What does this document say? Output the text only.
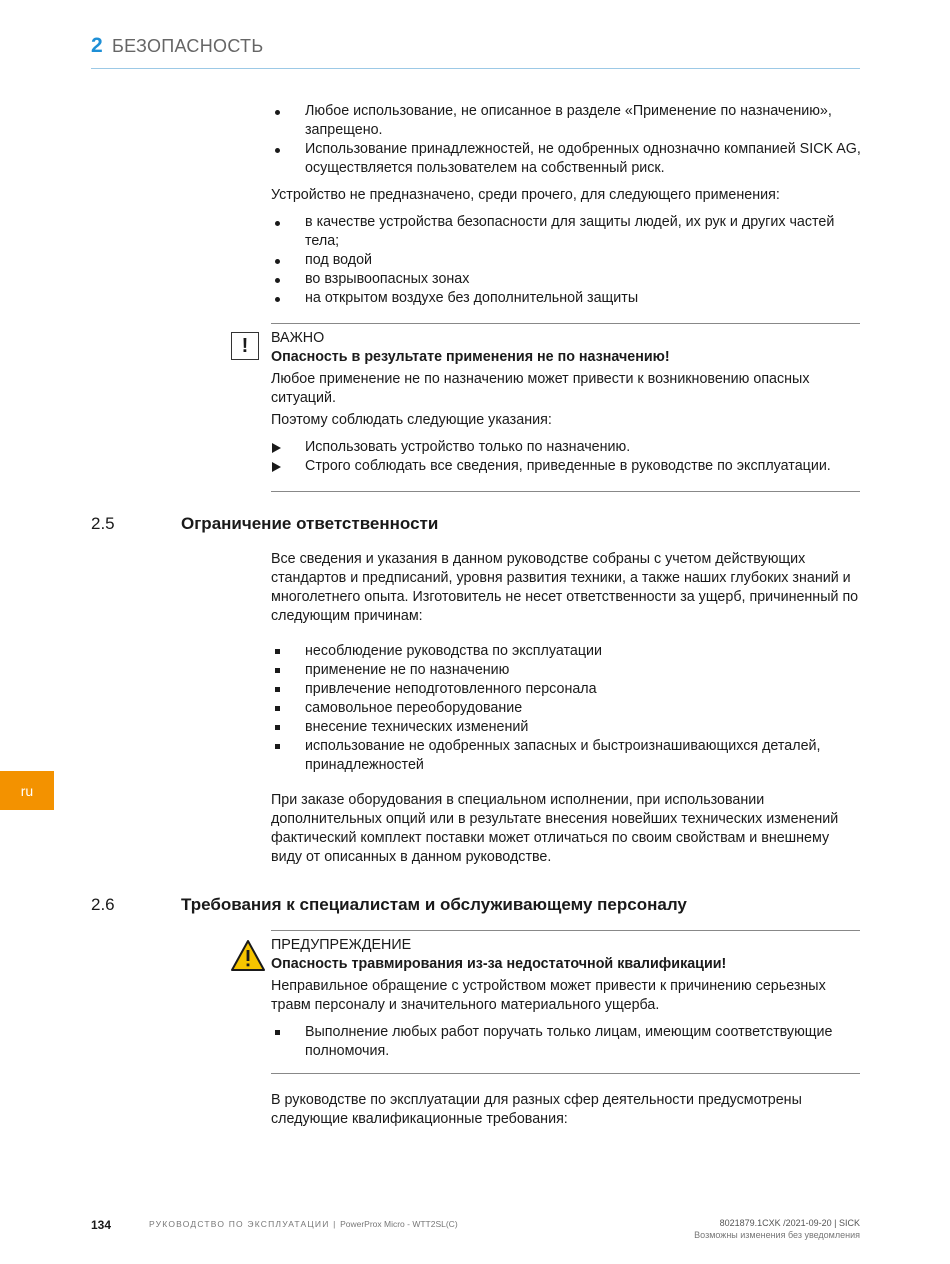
2 БЕЗОПАСНОСТЬ
Любое использование, не описанное в разделе «Применение по назначению», запрещено.
Использование принадлежностей, не одобренных однозначно компанией SICK AG, осуществляется пользователем на собственный риск.

Устройство не предназначено, среди прочего, для следующего применения:

в качестве устройства безопасности для защиты людей, их рук и других частей тела;
под водой
во взрывоопасных зонах
на открытом воздухе без дополнительной защиты
!	ВАЖНО
Опасность в результате применения не по назначению!

Любое применение не по назначению может привести к возникновению опасных ситуаций.

Поэтому соблюдать следующие указания:

Использовать устройство только по назначению.
Строго соблюдать все сведения, приведенные в руководстве по эксплуатации.
2.5	Ограничение ответственности

Все сведения и указания в данном руководстве собраны с учетом действующих стандартов и предписаний, уровня развития техники, а также наших глубоких знаний и многолетнего опыта. Изготовитель не несет ответственности за ущерб, причиненный по следующим причинам:

несоблюдение руководства по эксплуатации
применение не по назначению
привлечение неподготовленного персонала
самовольное переоборудование
внесение технических изменений
использование не одобренных запасных и быстроизнашивающихся деталей, принадлежностей

При заказе оборудования в специальном исполнении, при использовании дополнительных опций или в результате внесения новейших технических изменений фактический комплект поставки может отличаться по своим свойствам и внешнему виду от описанных в данном руководстве.

ru
2.6	Требования к специалистам и обслуживающему персоналу
ПРЕДУПРЕЖДЕНИЕ
Опасность травмирования из-за недостаточной квалификации!

Неправильное обращение с устройством может привести к причинению серьезных травм персоналу и значительного материального ущерба.

Выполнение любых работ поручать только лицам, имеющим соответствующие полномочия.

В руководстве по эксплуатации для разных сфер деятельности предусмотрены следующие квалификационные требования:

134	РУКОВОДСТВО ПО ЭКСПЛУАТАЦИИ | PowerProx Micro - WTT2SL(C)	8021879.1CXK /2021-09-20 | SICK
Возможны изменения без уведомления
